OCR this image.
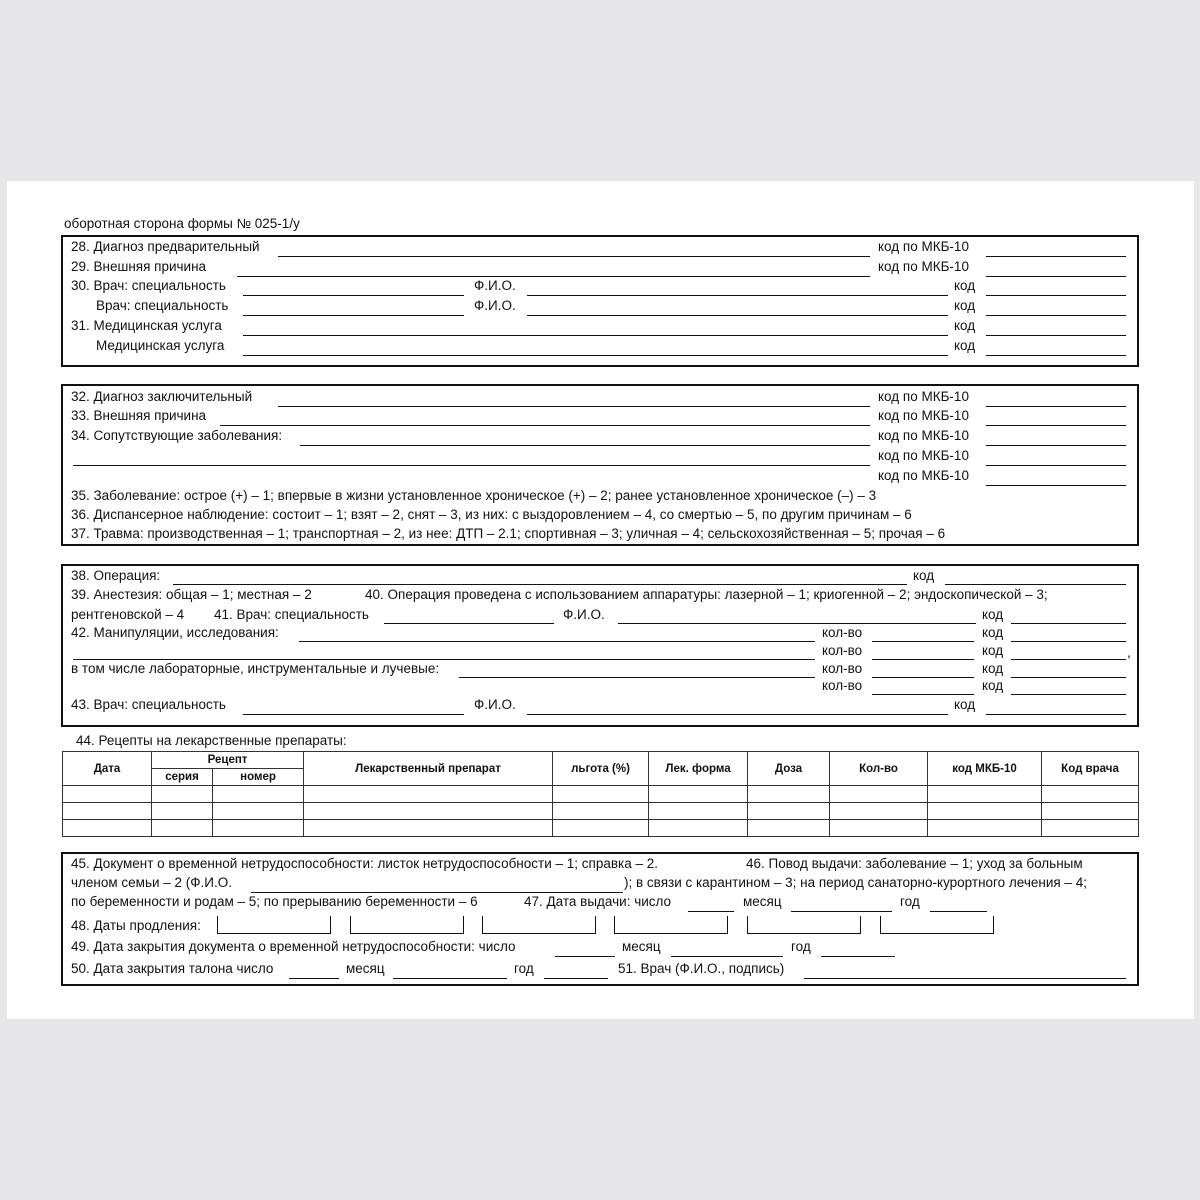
оборотная сторона формы № 025-1/у
28. Диагноз предварительный	код по МКБ-10
29. Внешняя причина	код по МКБ-10
30. Врач: специальность	Ф.И.О.	код
Врач: специальность	Ф.И.О.	код
31. Медицинская услуга	код
Медицинская услуга	код
32. Диагноз заключительный	код по МКБ-10
33. Внешняя причина	код по МКБ-10
34. Сопутствующие заболевания:	код по МКБ-10
код по МКБ-10
код по МКБ-10
35. Заболевание: острое (+) – 1; впервые в жизни установленное хроническое (+) – 2; ранее установленное хроническое (–) – 3
36. Диспансерное наблюдение: состоит – 1; взят – 2, снят – 3, из них: с выздоровлением – 4, со смертью – 5, по другим причинам – 6
37. Травма: производственная – 1; транспортная – 2, из нее: ДТП – 2.1; спортивная – 3; уличная – 4; сельскохозяйственная – 5; прочая – 6
38. Операция:	код
39. Анестезия: общая – 1; местная – 2	40. Операция проведена с использованием аппаратуры: лазерной – 1; криогенной – 2; эндоскопической – 3;
рентгеновской – 4 41. Врач: специальность	Ф.И.О.	код
42. Манипуляции, исследования:	кол-во	код
кол-во	код	,
в том числе лабораторные, инструментальные и лучевые:	кол-во	код
кол-во	код
43. Врач: специальность	Ф.И.О.	код
44. Рецепты на лекарственные препараты:
Дата	Рецепт		Лекарственный препарат	льгота (%)	Лек. форма	Доза	Кол-во	код МКБ-10	Код врача
	серия	номер							

45. Документ о временной нетрудоспособности: листок нетрудоспособности – 1; справка – 2.	46. Повод выдачи: заболевание – 1; уход за больным
членом семьи – 2 (Ф.И.О.	); в связи с карантином – 3; на период санаторно-курортного лечения – 4;
по беременности и родам – 5; по прерыванию беременности – 6	47. Дата выдачи: число	месяц	год
48. Даты продления:
49. Дата закрытия документа о временной нетрудоспособности: число	месяц	год
50. Дата закрытия талона число	месяц	год	51. Врач (Ф.И.О., подпись)
